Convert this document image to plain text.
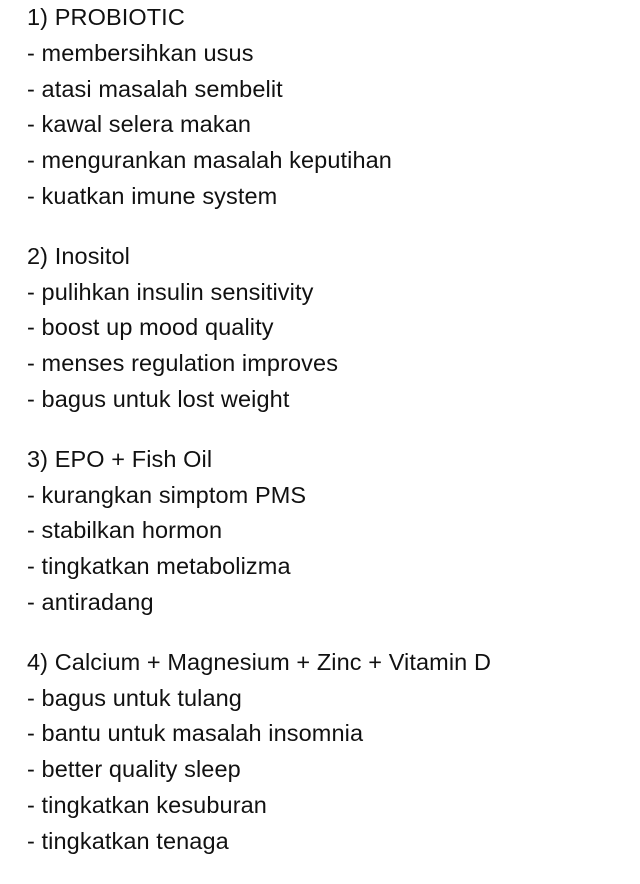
1) PROBIOTIC
- membersihkan usus
- atasi masalah sembelit
- kawal selera makan
- mengurankan masalah keputihan
- kuatkan imune system
2) Inositol
- pulihkan insulin sensitivity
- boost up mood quality
- menses regulation improves
- bagus untuk lost weight
3) EPO + Fish Oil
- kurangkan simptom PMS
- stabilkan hormon
- tingkatkan metabolizma
- antiradang
4) Calcium + Magnesium + Zinc + Vitamin D
- bagus untuk tulang
- bantu untuk masalah insomnia
- better quality sleep
- tingkatkan kesuburan
- tingkatkan tenaga
